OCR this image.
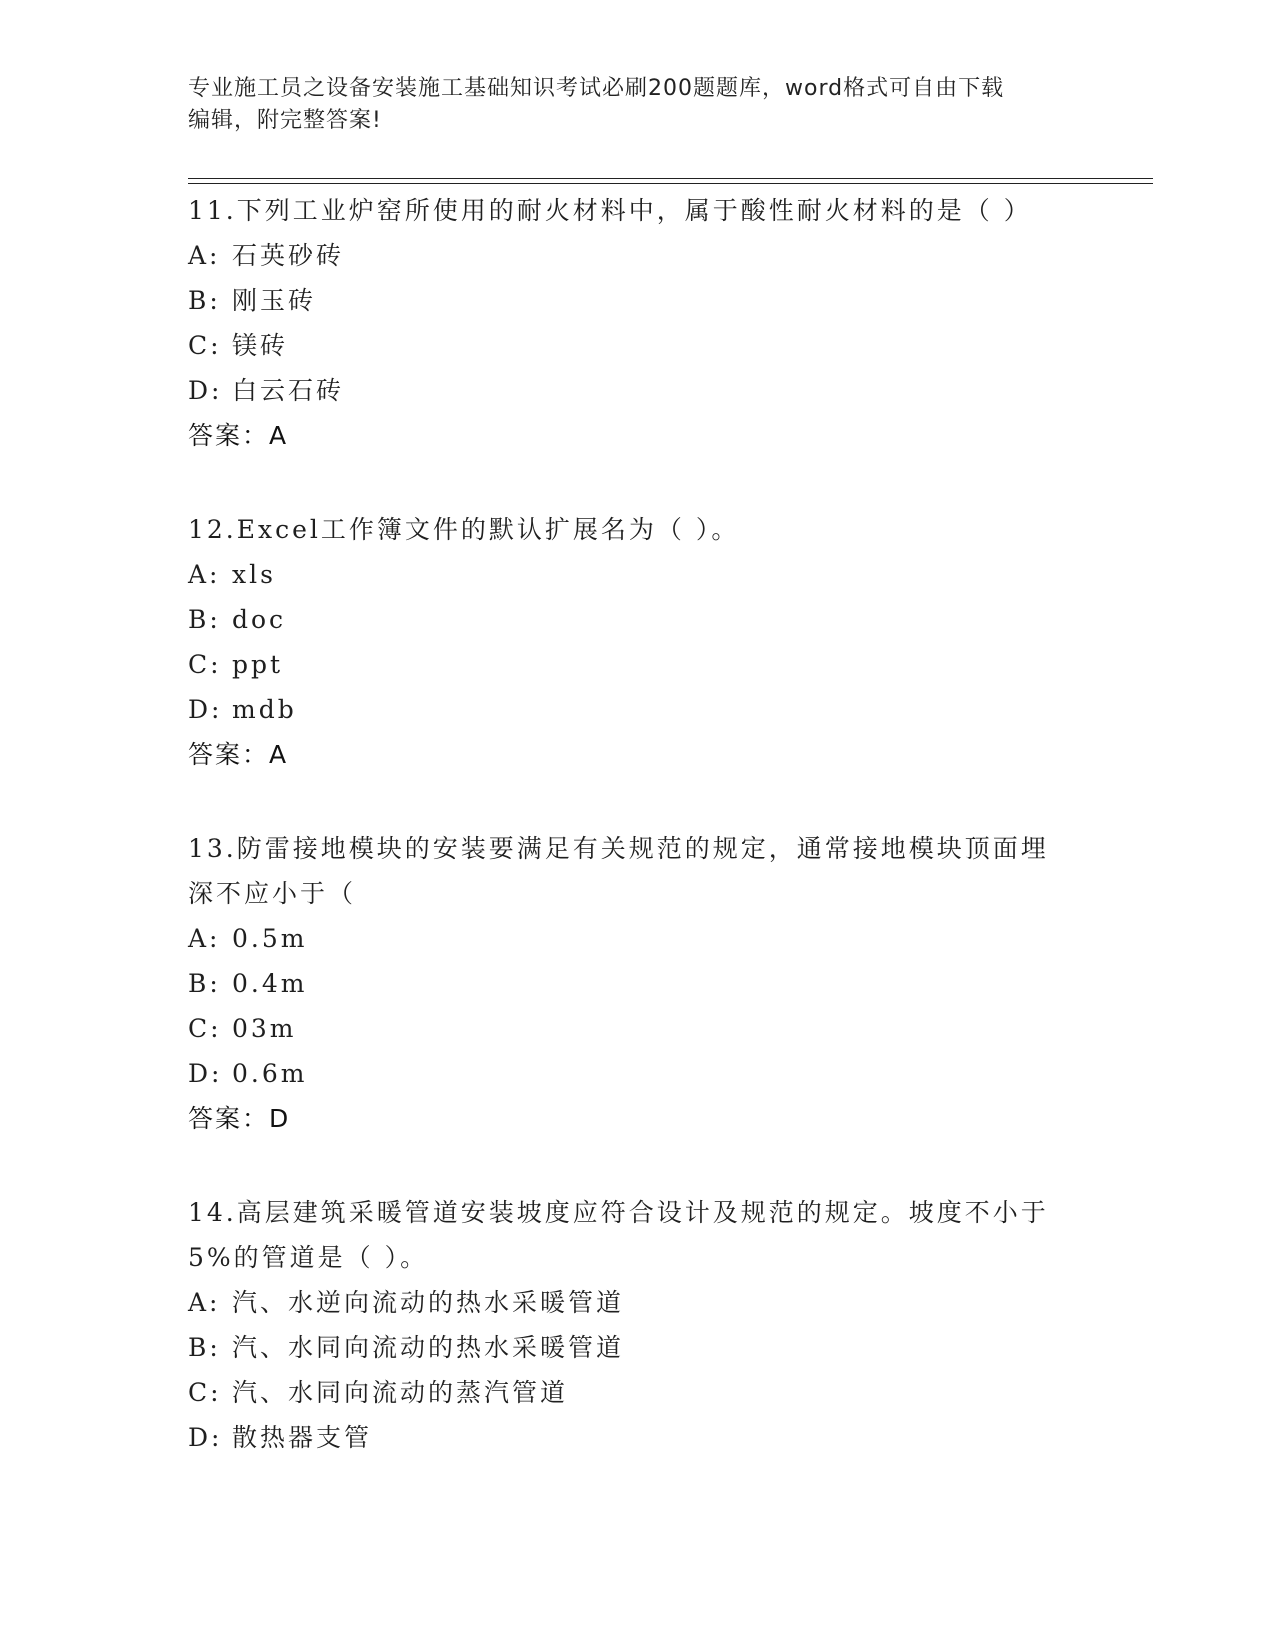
专业施工员之设备安装施工基础知识考试必刷200题题库，word格式可自由下载
编辑，附完整答案!

11.下列工业炉窑所使用的耐火材料中，属于酸性耐火材料的是（ ）

A: 石英砂砖

B: 刚玉砖

C: 镁砖

D: 白云石砖

答案：A

12.Excel工作簿文件的默认扩展名为（ ）。

A: xls

B: doc

C: ppt

D: mdb

答案：A

13.防雷接地模块的安装要满足有关规范的规定，通常接地模块顶面埋

深不应小于（

A: 0.5m

B: 0.4m

C: 03m

D: 0.6m

答案：D

14.高层建筑采暖管道安装坡度应符合设计及规范的规定。坡度不小于

5%的管道是（ ）。

A: 汽、水逆向流动的热水采暖管道

B: 汽、水同向流动的热水采暖管道

C: 汽、水同向流动的蒸汽管道

D: 散热器支管
